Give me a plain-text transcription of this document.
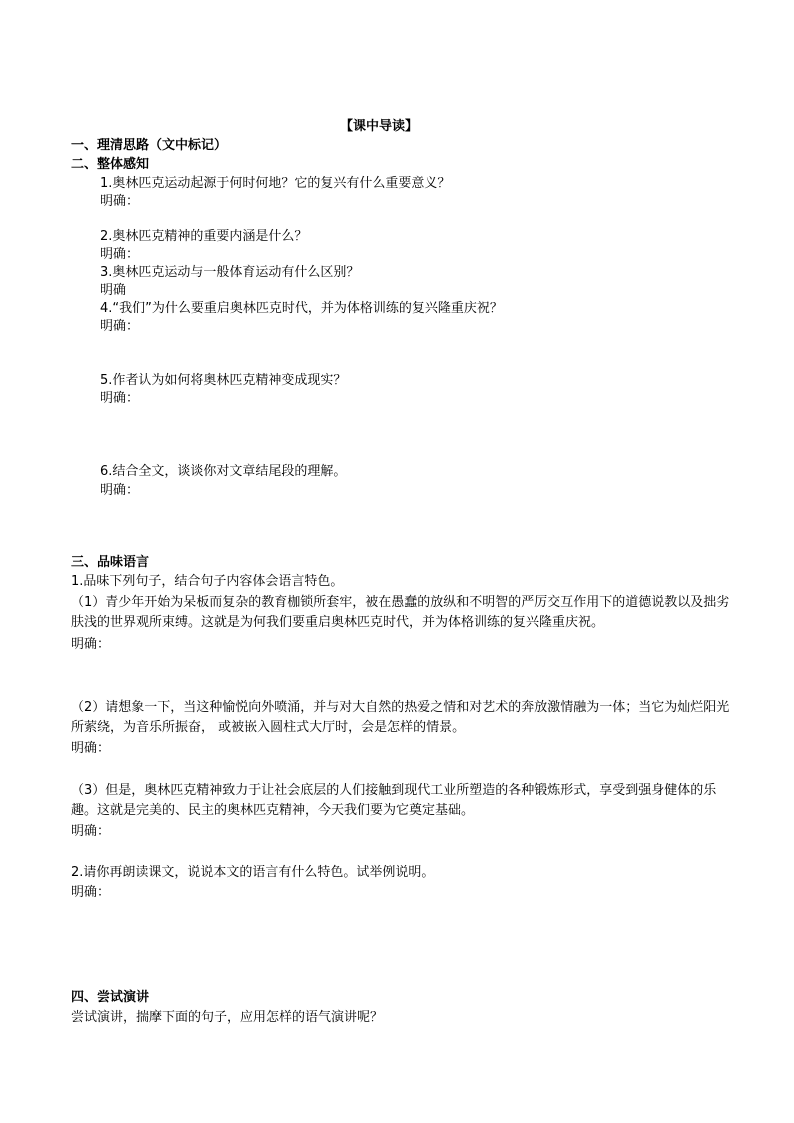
【课中导读】
一、理清思路（文中标记）
二、整体感知
1.奥林匹克运动起源于何时何地？它的复兴有什么重要意义？
明确：
2.奥林匹克精神的重要内涵是什么？
明确：
3.奥林匹克运动与一般体育运动有什么区别？
明确
4.“我们”为什么要重启奥林匹克时代，并为体格训练的复兴隆重庆祝？
明确：
5.作者认为如何将奥林匹克精神变成现实？
明确：
6.结合全文，谈谈你对文章结尾段的理解。
明确：
三、品味语言
1.品味下列句子，结合句子内容体会语言特色。
（1）青少年开始为呆板而复杂的教育枷锁所套牢，被在愚蠢的放纵和不明智的严厉交互作用下的道德说教以及拙劣肤浅的世界观所束缚。这就是为何我们要重启奥林匹克时代，并为体格训练的复兴隆重庆祝。
明确：
（2）请想象一下，当这种愉悦向外喷涌，并与对大自然的热爱之情和对艺术的奔放激情融为一体；当它为灿烂阳光所萦绕，为音乐所振奋， 或被嵌入圆柱式大厅时，会是怎样的情景。
明确：
（3）但是，奥林匹克精神致力于让社会底层的人们接触到现代工业所塑造的各种锻炼形式，享受到强身健体的乐趣。这就是完美的、民主的奥林匹克精神，今天我们要为它奠定基础。
明确：
2.请你再朗读课文，说说本文的语言有什么特色。试举例说明。
明确：
四、尝试演讲
尝试演讲，揣摩下面的句子，应用怎样的语气演讲呢？
